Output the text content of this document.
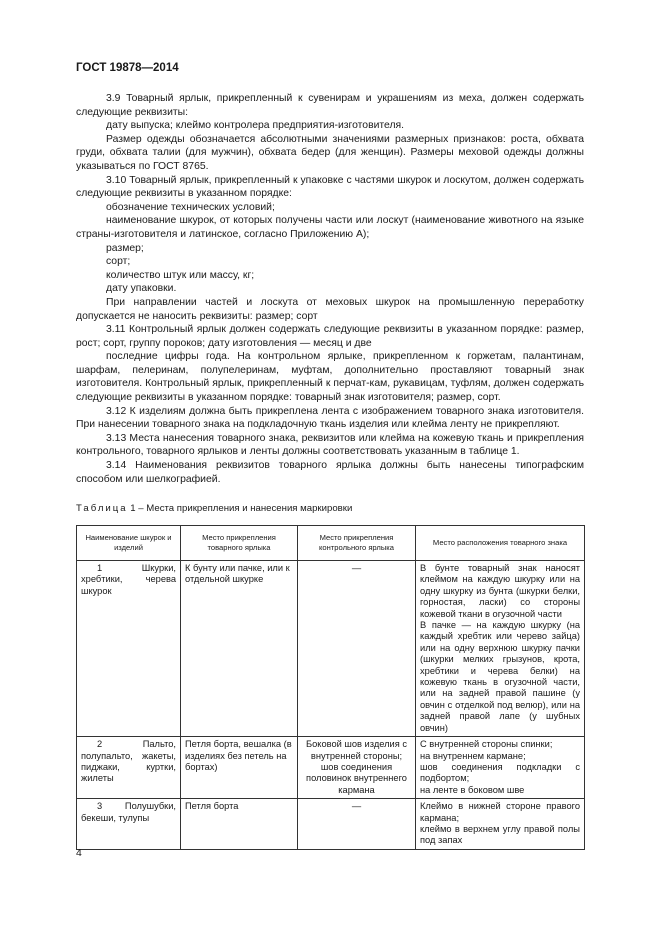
ГОСТ 19878—2014

3.9 Товарный ярлык, прикрепленный к сувенирам и украшениям из меха, должен содержать следующие реквизиты:

дату выпуска; клеймо контролера предприятия-изготовителя.

Размер одежды обозначается абсолютными значениями размерных признаков: роста, обхвата груди, обхвата талии (для мужчин), обхвата бедер (для женщин). Размеры меховой одежды должны указываться по ГОСТ 8765.

3.10 Товарный ярлык, прикрепленный к упаковке с частями шкурок и лоскутом, должен содержать следующие реквизиты в указанном порядке:

обозначение технических условий;

наименование шкурок, от которых получены части или лоскут (наименование животного на языке страны-изготовителя и латинское, согласно Приложению А);

размер;

сорт;

количество штук или массу, кг;

дату упаковки.

При направлении частей и лоскута от меховых шкурок на промышленную переработку допускается не наносить реквизиты: размер; сорт

3.11 Контрольный ярлык должен содержать следующие реквизиты в указанном порядке: размер, рост; сорт, группу пороков; дату изготовления — месяц и две

последние цифры года. На контрольном ярлыке, прикрепленном к горжетам, палантинам, шарфам, пелеринам, полупелеринам, муфтам, дополнительно проставляют товарный знак изготовителя. Контрольный ярлык, прикрепленный к перчат-кам, рукавицам, туфлям, должен содержать следующие реквизиты в указанном порядке: товарный знак изготовителя; размер, сорт.

3.12 К изделиям должна быть прикреплена лента с изображением товарного знака изготовителя. При нанесении товарного знака на подкладочную ткань изделия или клейма ленту не прикрепляют.

3.13 Места нанесения товарного знака, реквизитов или клейма на кожевую ткань и прикрепления контрольного, товарного ярлыков и ленты должны соответствовать указанным в таблице 1.

3.14 Наименования реквизитов товарного ярлыка должны быть нанесены типографским способом или шелкографией.

Таблица 1 – Места прикрепления и нанесения маркировки
Наименование шкурок и изделий	Место прикрепления товарного ярлыка	Место прикрепления контрольного ярлыка	Место расположения товарного знака

1 Шкурки, хребтики, черева шкурок	К бунту или пачке, или к отдельной шкурке	—	В бунте товарный знак наносят клеймом на каждую шкурку или на одну шкурку из бунта (шкурки белки, горностая, ласки) со стороны кожевой ткани в огузочной части
В пачке — на каждую шкурку (на каждый хребтик или черево зайца) или на одну верхнюю шкурку пачки (шкурки мелких грызунов, крота, хребтики и черева белки) на кожевую ткань в огузочной части, или на задней правой пашине (у овчин с отделкой под велюр), или на задней правой лапе (у шубных овчин)

2 Пальто, полупальто, жакеты, пиджаки, куртки, жилеты	Петля борта, вешалка (в изделиях без петель на бортах)	Боковой шов изделия с внутренней стороны;
шов соединения половинок внутреннего кармана	С внутренней стороны спинки;
на внутреннем кармане;
шов соединения подкладки с подбортом;
на ленте в боковом шве

3 Полушубки, бекеши, тулупы	Петля борта	—	Клеймо в нижней стороне правого кармана;
клеймо в верхнем углу правой полы под запах
4
